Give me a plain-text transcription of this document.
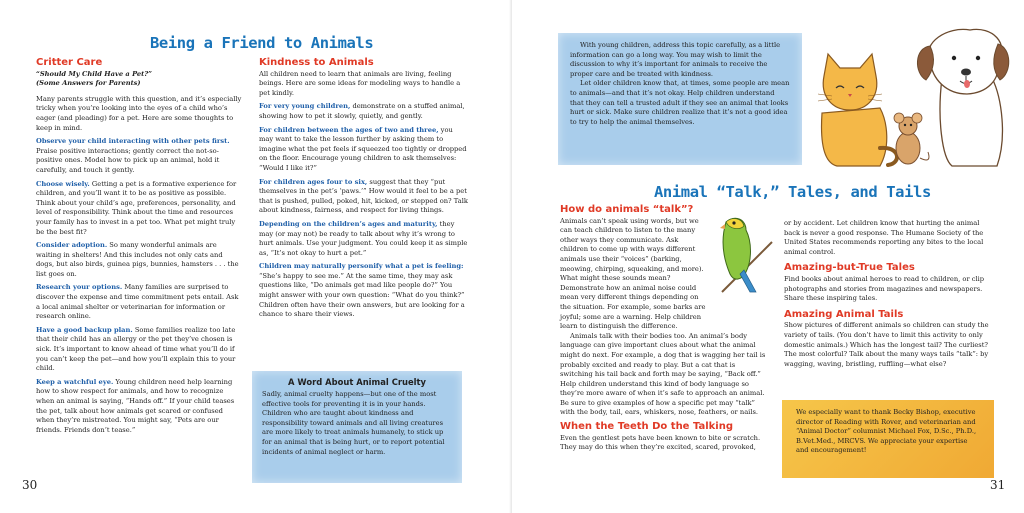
Being a Friend to Animals
Critter Care
“Should My Child Have a Pet?”
(Some Answers for Parents)

Many parents struggle with this question, and it’s especially tricky when you’re looking into the eyes of a child who’s eager (and pleading) for a pet. Here are some thoughts to keep in mind.

Observe your child interacting with other pets first. Praise positive interactions; gently correct the not-so-positive ones. Model how to pick up an animal, hold it carefully, and touch it gently.

Choose wisely. Getting a pet is a formative experience for children, and you’ll want it to be as positive as possible. Think about your child’s age, preferences, personality, and level of responsibility. Think about the time and resources your family has to invest in a pet too. What pet might truly be the best fit?

Consider adoption. So many wonderful animals are waiting in shelters! And this includes not only cats and dogs, but also birds, guinea pigs, bunnies, hamsters . . . the list goes on.

Research your options. Many families are surprised to discover the expense and time commitment pets entail. Ask a local animal shelter or veterinarian for information or research online.

Have a good backup plan. Some families realize too late that their child has an allergy or the pet they’ve chosen is sick. It’s important to know ahead of time what you’ll do if you can’t keep the pet—and how you’ll explain this to your child.

Keep a watchful eye. Young children need help learning how to show respect for animals, and how to recognize when an animal is saying, “Hands off.” If your child teases the pet, talk about how animals get scared or confused when they’re mistreated. You might say, “Pets are our friends. Friends don’t tease.”

Kindness to Animals

All children need to learn that animals are living, feeling beings. Here are some ideas for modeling ways to handle a pet kindly.

For very young children, demonstrate on a stuffed animal, showing how to pet it slowly, quietly, and gently.

For children between the ages of two and three, you may want to take the lesson further by asking them to imagine what the pet feels if squeezed too tightly or dropped on the floor. Encourage young children to ask themselves: “Would I like it?”

For children ages four to six, suggest that they “put themselves in the pet’s ‘paws.’” How would it feel to be a pet that is pushed, pulled, poked, hit, kicked, or stepped on? Talk about kindness, fairness, and respect for living things.

Depending on the children’s ages and maturity, they may (or may not) be ready to talk about why it’s wrong to hurt animals. Use your judgment. You could keep it as simple as, “It’s not okay to hurt a pet.”

Children may naturally personify what a pet is feeling: “She’s happy to see me.” At the same time, they may ask questions like, “Do animals get mad like people do?” You might answer with your own question: “What do you think?” Children often have their own answers, but are looking for a chance to share their views.

A Word About Animal Cruelty
Sadly, animal cruelty happens—but one of the most effective tools for preventing it is in your hands. Children who are taught about kindness and responsibility toward animals and all living creatures are more likely to treat animals humanely, to stick up for an animal that is being hurt, or to report potential incidents of animal neglect or harm.
30

With young children, address this topic carefully, as a little information can go a long way. You may wish to limit the discussion to why it’s important for animals to receive the proper care and be treated with kindness.

Let older children know that, at times, some people are mean to animals—and that it’s not okay. Help children understand that they can tell a trusted adult if they see an animal that looks hurt or sick. Make sure children realize that it’s not a good idea to try to help the animal themselves.

Animal “Talk,” Tales, and Tails
How do animals “talk”?

Animals can’t speak using words, but we can teach children to listen to the many other ways they communicate. Ask children to come up with ways different animals use their “voices” (barking, meowing, chirping, squeaking, and more). What might these sounds mean? Demonstrate how an animal noise could mean very different things depending on the situation. For example, some barks are joyful; some are a warning. Help children learn to distinguish the difference.

Animals talk with their bodies too. An animal’s body language can give important clues about what the animal might do next. For example, a dog that is wagging her tail is probably excited and ready to play. But a cat that is switching his tail back and forth may be saying, “Back off.” Help children understand this kind of body language so they’re more aware of when it’s safe to approach an animal. Be sure to give examples of how a specific pet may “talk” with the body, tail, ears, whiskers, nose, feathers, or nails.

When the Teeth Do the Talking

Even the gentlest pets have been known to bite or scratch. They may do this when they’re excited, scared, provoked,

or by accident. Let children know that hurting the animal back is never a good response. The Humane Society of the United States recommends reporting any bites to the local animal control.

Amazing-but-True Tales

Find books about animal heroes to read to children, or clip photographs and stories from magazines and newspapers. Share these inspiring tales.

Amazing Animal Tails

Show pictures of different animals so children can study the variety of tails. (You don’t have to limit this activity to only domestic animals.) Which has the longest tail? The curliest? The most colorful? Talk about the many ways tails “talk”: by wagging, waving, bristling, ruffling—what else?

We especially want to thank Becky Bishop, executive director of Reading with Rover, and veterinarian and “Animal Doctor” columnist Michael Fox, D.Sc., Ph.D., B.Vet.Med., MRCVS. We appreciate your expertise and encouragement!
31
